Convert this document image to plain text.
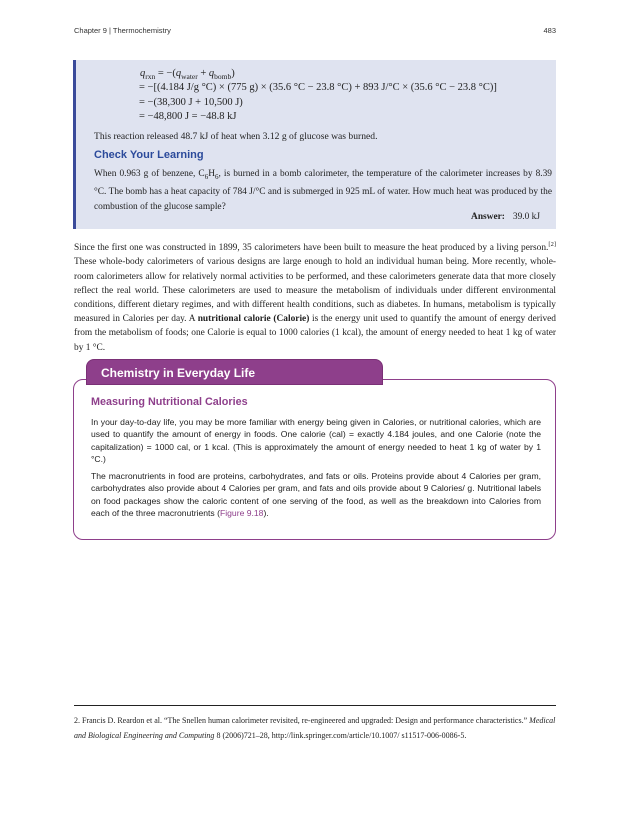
Chapter 9 | Thermochemistry	483
$q_{rxn} = -(q_{water} + q_{bomb})$
= −[(4.184 J/g °C) × (775 g) × (35.6 °C − 23.8 °C) + 893 J/°C × (35.6 °C − 23.8 °C)]
= −(38,300 J + 10,500 J)
= −48,800 J = −48.8 kJ
This reaction released 48.7 kJ of heat when 3.12 g of glucose was burned.
Check Your Learning
When 0.963 g of benzene, $C_6H_6$, is burned in a bomb calorimeter, the temperature of the calorimeter increases by 8.39 °C. The bomb has a heat capacity of 784 J/°C and is submerged in 925 mL of water. How much heat was produced by the combustion of the glucose sample?
Answer: 39.0 kJ
Since the first one was constructed in 1899, 35 calorimeters have been built to measure the heat produced by a living person.[2] These whole-body calorimeters of various designs are large enough to hold an individual human being. More recently, whole-room calorimeters allow for relatively normal activities to be performed, and these calorimeters generate data that more closely reflect the real world. These calorimeters are used to measure the metabolism of individuals under different environmental conditions, different dietary regimes, and with different health conditions, such as diabetes. In humans, metabolism is typically measured in Calories per day. A nutritional calorie (Calorie) is the energy unit used to quantify the amount of energy derived from the metabolism of foods; one Calorie is equal to 1000 calories (1 kcal), the amount of energy needed to heat 1 kg of water by 1 °C.
Measuring Nutritional Calories
In your day-to-day life, you may be more familiar with energy being given in Calories, or nutritional calories, which are used to quantify the amount of energy in foods. One calorie (cal) = exactly 4.184 joules, and one Calorie (note the capitalization) = 1000 cal, or 1 kcal. (This is approximately the amount of energy needed to heat 1 kg of water by 1 °C.)
The macronutrients in food are proteins, carbohydrates, and fats or oils. Proteins provide about 4 Calories per gram, carbohydrates also provide about 4 Calories per gram, and fats and oils provide about 9 Calories/ g. Nutritional labels on food packages show the caloric content of one serving of the food, as well as the breakdown into Calories from each of the three macronutrients (Figure 9.18).
Chemistry in Everyday Life
2. Francis D. Reardon et al. “The Snellen human calorimeter revisited, re-engineered and upgraded: Design and performance characteristics.” Medical and Biological Engineering and Computing 8 (2006)721–28, http://link.springer.com/article/10.1007/ s11517-006-0086-5.
